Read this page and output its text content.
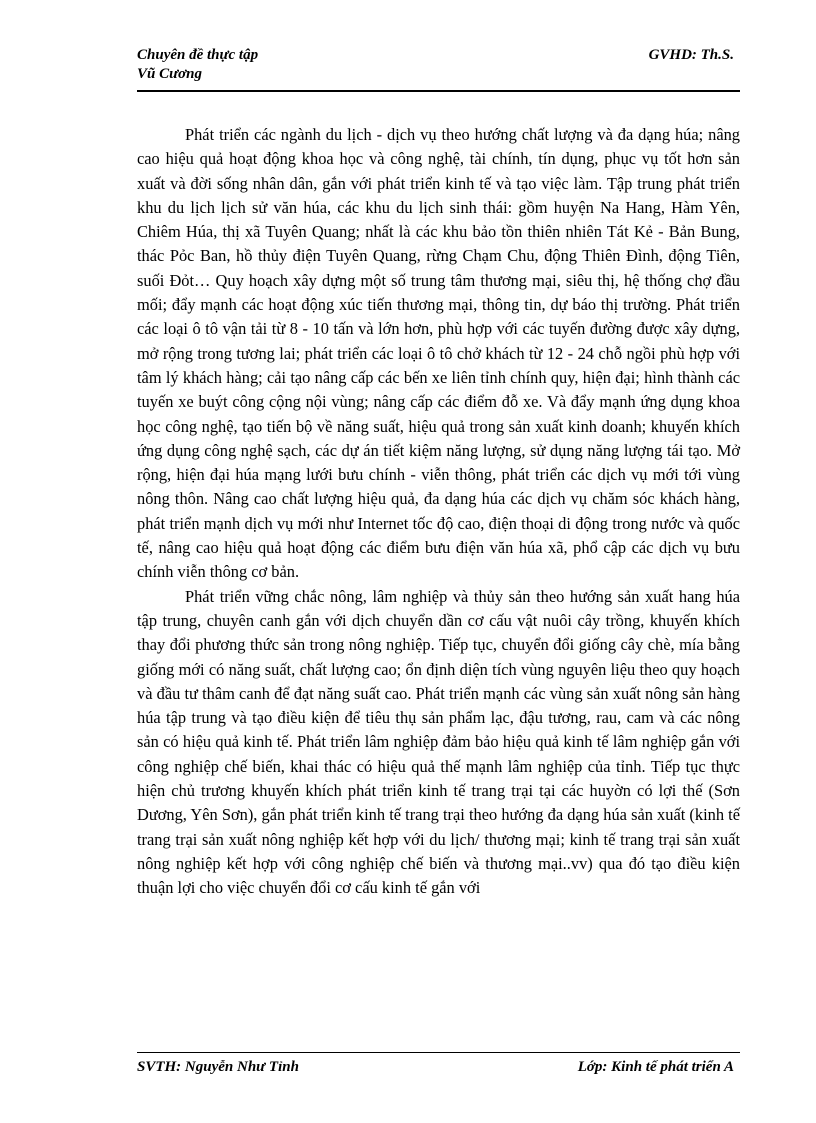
Chuyên đề thực tập	GVHD: Th.S.
Vũ Cương

Phát triển các ngành du lịch - dịch vụ theo hướng chất lượng và đa dạng húa; nâng cao hiệu quả hoạt động khoa học và công nghệ, tài chính, tín dụng, phục vụ tốt hơn sản xuất và đời sống nhân dân, gắn với phát triển kinh tế và tạo việc làm. Tập trung phát triển khu du lịch lịch sử văn húa, các khu du lịch sinh thái: gồm huyện Na Hang, Hàm Yên, Chiêm Húa, thị xã Tuyên Quang; nhất là các khu bảo tồn thiên nhiên Tát Kẻ - Bản Bung, thác Pỏc Ban, hồ thủy điện Tuyên Quang, rừng Chạm Chu, động Thiên Đình, động Tiên, suối Đỏt… Quy hoạch xây dựng một số trung tâm thương mại, siêu thị, hệ thống chợ đầu mối; đẩy mạnh các hoạt động xúc tiến thương mại, thông tin, dự báo thị trường. Phát triển các loại ô tô vận tải từ 8 - 10 tấn và lớn hơn, phù hợp với các tuyến đường được xây dựng, mở rộng trong tương lai; phát triển các loại ô tô chở khách từ 12 - 24 chỗ ngồi phù hợp với tâm lý khách hàng; cải tạo nâng cấp các bến xe liên tỉnh chính quy, hiện đại; hình thành các tuyến xe buýt công cộng nội vùng; nâng cấp các điểm đỗ xe. Và đẩy mạnh ứng dụng khoa học công nghệ, tạo tiến bộ về năng suất, hiệu quả trong sản xuất kinh doanh; khuyến khích ứng dụng công nghệ sạch, các dự án tiết kiệm năng lượng, sử dụng năng lượng tái tạo. Mở rộng, hiện đại húa mạng lưới bưu chính - viễn thông, phát triển các dịch vụ mới tới vùng nông thôn. Nâng cao chất lượng hiệu quả, đa dạng húa các dịch vụ chăm sóc khách hàng, phát triển mạnh dịch vụ mới như Internet tốc độ cao, điện thoại di động trong nước và quốc tế, nâng cao hiệu quả hoạt động các điểm bưu điện văn húa xã, phổ cập các dịch vụ bưu chính viễn thông cơ bản.

Phát triển vững chắc nông, lâm nghiệp và thủy sản theo hướng sản xuất hang húa tập trung, chuyên canh gắn với dịch chuyển dần cơ cấu vật nuôi cây trồng, khuyến khích thay đổi phương thức sản trong nông nghiệp. Tiếp tục, chuyển đổi giống cây chè, mía bằng giống mới có năng suất, chất lượng cao; ổn định diện tích vùng nguyên liệu theo quy hoạch và đầu tư thâm canh để đạt năng suất cao. Phát triển mạnh các vùng sản xuất nông sản hàng húa tập trung và tạo điều kiện để tiêu thụ sản phẩm lạc, đậu tương, rau, cam và các nông sản có hiệu quả kinh tế. Phát triển lâm nghiệp đảm bảo hiệu quả kinh tế lâm nghiệp gắn với công nghiệp chế biến, khai thác có hiệu quả thế mạnh lâm nghiệp của tỉnh. Tiếp tục thực hiện chủ trương khuyến khích phát triển kinh tế trang trại tại các huyờn có lợi thế (Sơn Dương, Yên Sơn), gắn phát triển kinh tế trang trại theo hướng đa dạng húa sản xuất (kinh tế trang trại sản xuất nông nghiệp kết hợp với du lịch/ thương mại; kinh tế trang trại sản xuất nông nghiệp kết hợp với công nghiệp chế biến và thương mại..vv) qua đó tạo điều kiện thuận lợi cho việc chuyển đổi cơ cấu kinh tế gắn với

SVTH: Nguyễn Như Tỉnh	Lớp: Kinh tế phát triển A
